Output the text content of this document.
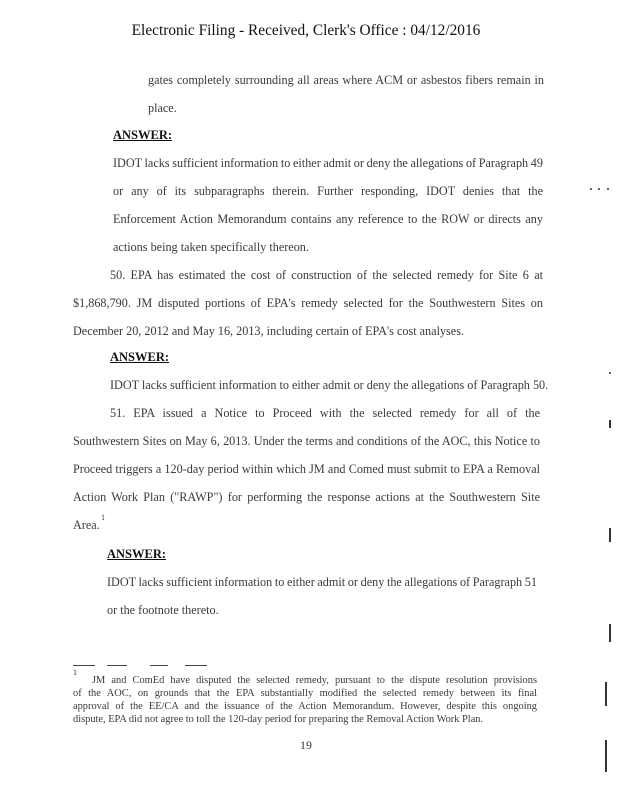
Electronic Filing - Received, Clerk's Office : 04/12/2016
gates completely surrounding all areas where ACM or asbestos fibers remain in
place.
IDOT lacks sufficient information to either admit or deny the allegations of Paragraph 49
or any of its subparagraphs therein. Further responding, IDOT denies that the
Enforcement Action Memorandum contains any reference to the ROW or directs any
actions being taken specifically thereon.
50. EPA has estimated the cost of construction of the selected remedy for Site 6 at
$1,868,790. JM disputed portions of EPA's remedy selected for the Southwestern Sites on
December 20, 2012 and May 16, 2013, including certain of EPA's cost analyses.
IDOT lacks sufficient information to either admit or deny the allegations of Paragraph 50.
51. EPA issued a Notice to Proceed with the selected remedy for all of the
Southwestern Sites on May 6, 2013. Under the terms and conditions of the AOC, this Notice to
Proceed triggers a 120-day period within which JM and Comed must submit to EPA a Removal
Action Work Plan ("RAWP") for performing the response actions at the Southwestern Site
Area.
IDOT lacks sufficient information to either admit or deny the allegations of Paragraph 51
or the footnote thereto.
1
ANSWER:
ANSWER:
ANSWER:
1
JM and ComEd have disputed the selected remedy, pursuant to the dispute resolution provisions
of the AOC, on grounds that the EPA substantially modified the selected remedy between its final
approval of the EE/CA and the issuance of the Action Memorandum. However, despite this ongoing
dispute, EPA did not agree to toll the 120-day period for preparing the Removal Action Work Plan.
19
